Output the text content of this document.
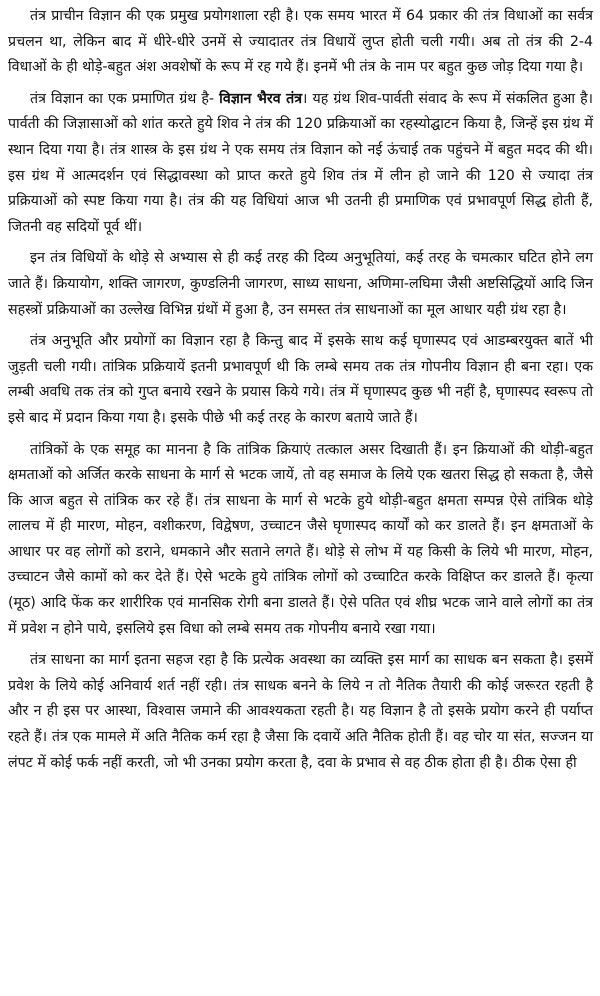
तंत्र प्राचीन विज्ञान की एक प्रमुख प्रयोगशाला रही है। एक समय भारत में 64 प्रकार की तंत्र विधाओं का सर्वत्र प्रचलन था, लेकिन बाद में धीरे-धीरे उनमें से ज्यादातर तंत्र विधायें लुप्त होती चली गयी। अब तो तंत्र की 2-4 विधाओं के ही थोड़े-बहुत अंश अवशेषों के रूप में रह गये हैं। इनमें भी तंत्र के नाम पर बहुत कुछ जोड़ दिया गया है।

तंत्र विज्ञान का एक प्रमाणित ग्रंथ है- विज्ञान भैरव तंत्र। यह ग्रंथ शिव-पार्वती संवाद के रूप में संकलित हुआ है। पार्वती की जिज्ञासाओं को शांत करते हुये शिव ने तंत्र की 120 प्रक्रियाओं का रहस्योद्घाटन किया है, जिन्हें इस ग्रंथ में स्थान दिया गया है। तंत्र शास्त्र के इस ग्रंथ ने एक समय तंत्र विज्ञान को नई ऊंचाई तक पहुंचने में बहुत मदद की थी। इस ग्रंथ में आत्मदर्शन एवं सिद्धावस्था को प्राप्त करते हुये शिव तंत्र में लीन हो जाने की 120 से ज्यादा तंत्र प्रक्रियाओं को स्पष्ट किया गया है। तंत्र की यह विधियां आज भी उतनी ही प्रमाणिक एवं प्रभावपूर्ण सिद्ध होती हैं, जितनी वह सदियों पूर्व थीं।

इन तंत्र विधियों के थोड़े से अभ्यास से ही कई तरह की दिव्य अनुभूतियां, कई तरह के चमत्कार घटित होने लग जाते हैं। क्रियायोग, शक्ति जागरण, कुण्डलिनी जागरण, साध्य साधना, अणिमा-लघिमा जैसी अष्टसिद्धियों आदि जिन सहस्त्रों प्रक्रियाओं का उल्लेख विभिन्न ग्रंथों में हुआ है, उन समस्त तंत्र साधनाओं का मूल आधार यही ग्रंथ रहा है।

तंत्र अनुभूति और प्रयोगों का विज्ञान रहा है किन्तु बाद में इसके साथ कई घृणास्पद एवं आडम्बरयुक्त बातें भी जुड़ती चली गयी। तांत्रिक प्रक्रियायें इतनी प्रभावपूर्ण थी कि लम्बे समय तक तंत्र गोपनीय विज्ञान ही बना रहा। एक लम्बी अवधि तक तंत्र को गुप्त बनाये रखने के प्रयास किये गये। तंत्र में घृणास्पद कुछ भी नहीं है, घृणास्पद स्वरूप तो इसे बाद में प्रदान किया गया है। इसके पीछे भी कई तरह के कारण बताये जाते हैं।

तांत्रिकों के एक समूह का मानना है कि तांत्रिक क्रियाएं तत्काल असर दिखाती हैं। इन क्रियाओं की थोड़ी-बहुत क्षमताओं को अर्जित करके साधना के मार्ग से भटक जायें, तो वह समाज के लिये एक खतरा सिद्ध हो सकता है, जैसे कि आज बहुत से तांत्रिक कर रहे हैं। तंत्र साधना के मार्ग से भटके हुये थोड़ी-बहुत क्षमता सम्पन्न ऐसे तांत्रिक थोड़े लालच में ही मारण, मोहन, वशीकरण, विद्वेषण, उच्चाटन जैसे घृणास्पद कार्यों को कर डालते हैं। इन क्षमताओं के आधार पर वह लोगों को डराने, धमकाने और सताने लगते हैं। थोड़े से लोभ में यह किसी के लिये भी मारण, मोहन, उच्चाटन जैसे कामों को कर देते हैं। ऐसे भटके हुये तांत्रिक लोगों को उच्चाटित करके विक्षिप्त कर डालते हैं। कृत्या (मूठ) आदि फेंक कर शारीरिक एवं मानसिक रोगी बना डालते हैं। ऐसे पतित एवं शीघ्र भटक जाने वाले लोगों का तंत्र में प्रवेश न होने पाये, इसलिये इस विधा को लम्बे समय तक गोपनीय बनाये रखा गया।

तंत्र साधना का मार्ग इतना सहज रहा है कि प्रत्येक अवस्था का व्यक्ति इस मार्ग का साधक बन सकता है। इसमें प्रवेश के लिये कोई अनिवार्य शर्त नहीं रही। तंत्र साधक बनने के लिये न तो नैतिक तैयारी की कोई जरूरत रहती है और न ही इस पर आस्था, विश्वास जमाने की आवश्यकता रहती है। यह विज्ञान है तो इसके प्रयोग करने ही पर्याप्त रहते हैं। तंत्र एक मामले में अति नैतिक कर्म रहा है जैसा कि दवायें अति नैतिक होती हैं। वह चोर या संत, सज्जन या लंपट में कोई फर्क नहीं करती, जो भी उनका प्रयोग करता है, दवा के प्रभाव से वह ठीक होता ही है। ठीक ऐसा ही
